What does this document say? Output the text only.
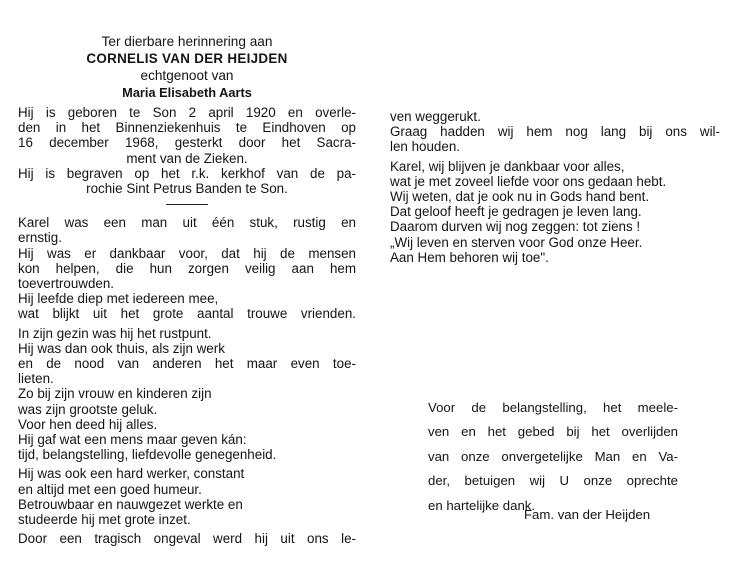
Ter dierbare herinnering aan
CORNELIS VAN DER HEIJDEN
echtgenoot van
Maria Elisabeth Aarts
Hij is geboren te Son 2 april 1920 en overle-
den in het Binnenziekenhuis te Eindhoven op
16 december 1968, gesterkt door het Sacra-
ment van de Zieken.
Hij is begraven op het r.k. kerkhof van de pa-
rochie Sint Petrus Banden te Son.
Karel was een man uit één stuk, rustig en
ernstig.
Hij was er dankbaar voor, dat hij de mensen
kon helpen, die hun zorgen veilig aan hem
toevertrouwden.
Hij leefde diep met iedereen mee,
wat blijkt uit het grote aantal trouwe vrienden.
In zijn gezin was hij het rustpunt.
Hij was dan ook thuis, als zijn werk
en de nood van anderen het maar even toe-
lieten.
Zo bij zijn vrouw en kinderen zijn
was zijn grootste geluk.
Voor hen deed hij alles.
Hij gaf wat een mens maar geven kán:
tijd, belangstelling, liefdevolle genegenheid.
Hij was ook een hard werker, constant
en altijd met een goed humeur.
Betrouwbaar en nauwgezet werkte en
studeerde hij met grote inzet.
Door een tragisch ongeval werd hij uit ons le-
ven weggerukt.
Graag hadden wij hem nog lang bij ons wil-
len houden.
Karel, wij blijven je dankbaar voor alles,
wat je met zoveel liefde voor ons gedaan hebt.
Wij weten, dat je ook nu in Gods hand bent.
Dat geloof heeft je gedragen je leven lang.
Daarom durven wij nog zeggen: tot ziens !
„Wij leven en sterven voor God onze Heer.
Aan Hem behoren wij toe".
Voor de belangstelling, het meele-
ven en het gebed bij het overlijden
van onze onvergetelijke Man en Va-
der, betuigen wij U onze oprechte
en hartelijke dank.
Fam. van der Heijden
